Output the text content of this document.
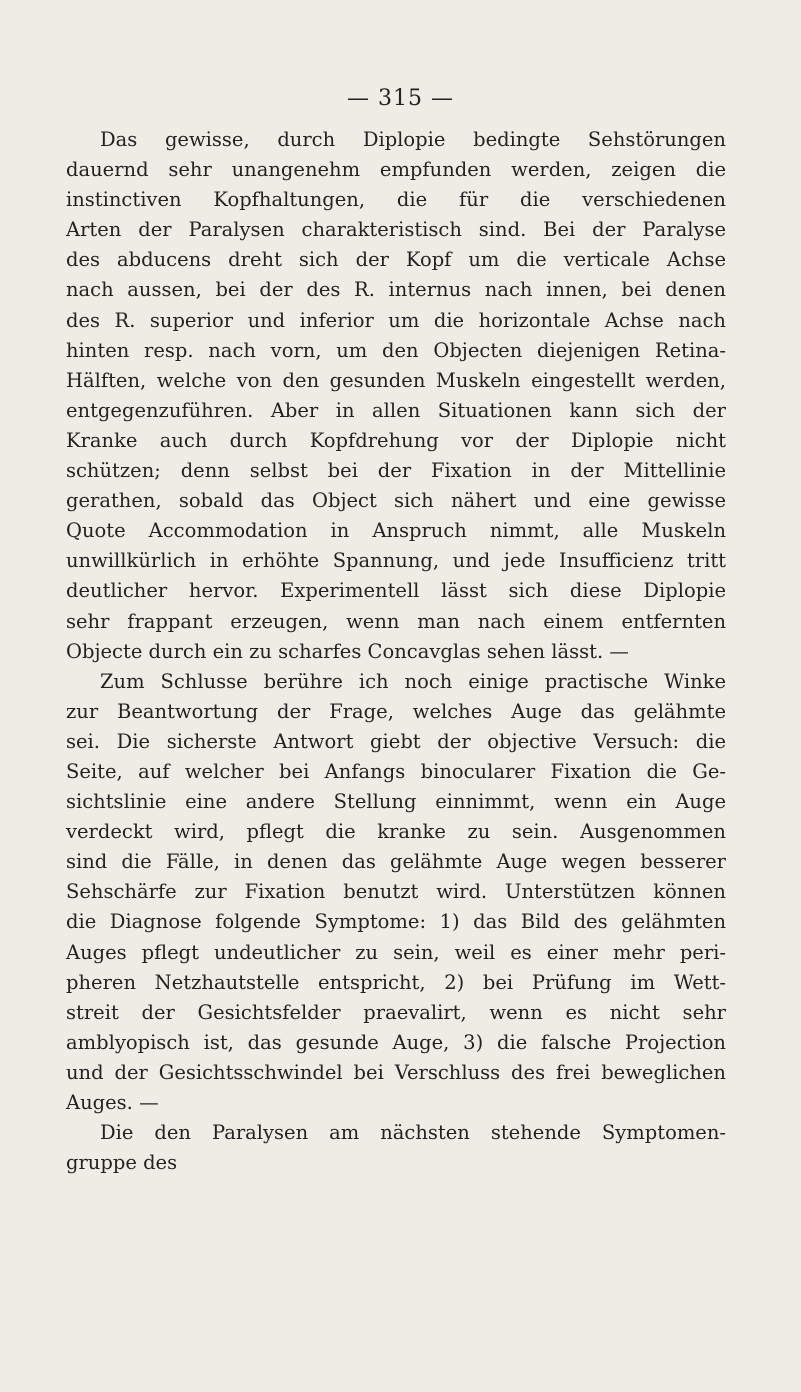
— 315 —
Das gewisse, durch Diplopie bedingte Sehstörungen
dauernd sehr unangenehm empfunden werden, zeigen die
instinctiven Kopfhaltungen, die für die verschiedenen
Arten der Paralysen charakteristisch sind. Bei der Paralyse
des abducens dreht sich der Kopf um die verticale Achse
nach aussen, bei der des R. internus nach innen, bei denen
des R. superior und inferior um die horizontale Achse nach
hinten resp. nach vorn, um den Objecten diejenigen Retina-
Hälften, welche von den gesunden Muskeln eingestellt werden,
entgegenzuführen. Aber in allen Situationen kann sich der
Kranke auch durch Kopfdrehung vor der Diplopie nicht
schützen; denn selbst bei der Fixation in der Mittellinie
gerathen, sobald das Object sich nähert und eine gewisse
Quote Accommodation in Anspruch nimmt, alle Muskeln
unwillkürlich in erhöhte Spannung, und jede Insufficienz tritt
deutlicher hervor. Experimentell lässt sich diese Diplopie
sehr frappant erzeugen, wenn man nach einem entfernten
Objecte durch ein zu scharfes Concavglas sehen lässt. —
Zum Schlusse berühre ich noch einige practische Winke
zur Beantwortung der Frage, welches Auge das gelähmte
sei. Die sicherste Antwort giebt der objective Versuch: die
Seite, auf welcher bei Anfangs binocularer Fixation die Ge-
sichtslinie eine andere Stellung einnimmt, wenn ein Auge
verdeckt wird, pflegt die kranke zu sein. Ausgenommen
sind die Fälle, in denen das gelähmte Auge wegen besserer
Sehschärfe zur Fixation benutzt wird. Unterstützen können
die Diagnose folgende Symptome: 1) das Bild des gelähmten
Auges pflegt undeutlicher zu sein, weil es einer mehr peri-
pheren Netzhautstelle entspricht, 2) bei Prüfung im Wett-
streit der Gesichtsfelder praevalirt, wenn es nicht sehr
amblyopisch ist, das gesunde Auge, 3) die falsche Projection
und der Gesichtsschwindel bei Verschluss des frei beweglichen
Auges. —
Die den Paralysen am nächsten stehende Symptomen-
gruppe des
